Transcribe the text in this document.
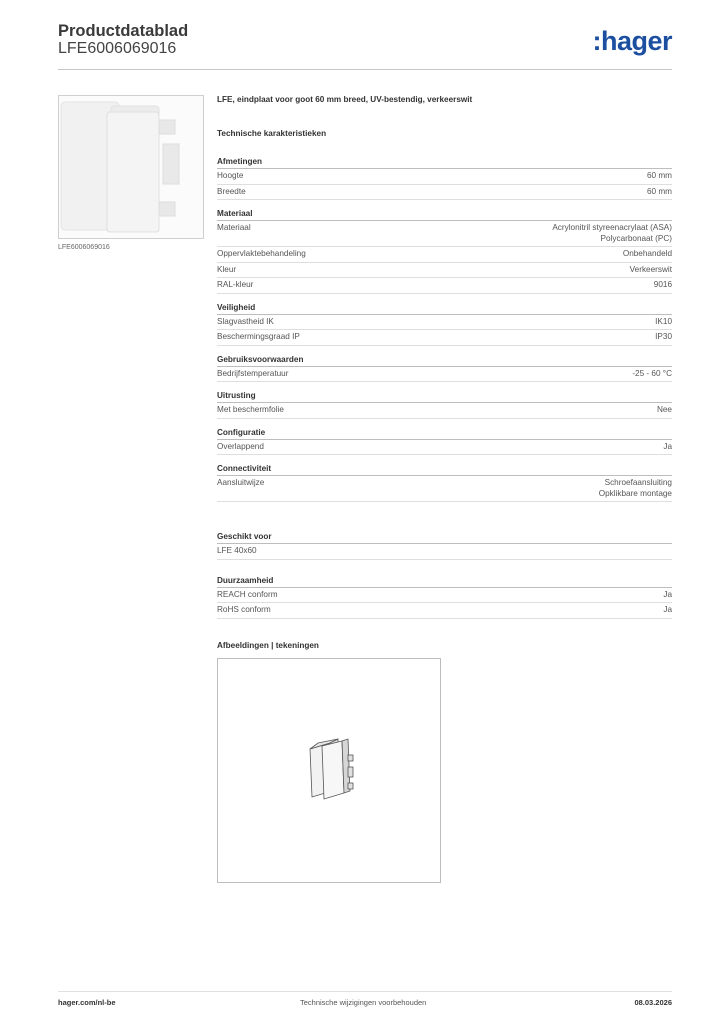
Productdatablad
LFE6006069016	:hager
LFE6006069016
LFE, eindplaat voor goot 60 mm breed, UV-bestendig, verkeerswit
Technische karakteristieken
Afmetingen
Hoogte	60 mm
Breedte	60 mm
Materiaal
Materiaal	Acrylonitril styreenacrylaat (ASA)
Polycarbonaat (PC)
Oppervlaktebehandeling	Onbehandeld
Kleur	Verkeerswit
RAL-kleur	9016
Veiligheid
Slagvastheid IK	IK10
Beschermingsgraad IP	IP30
Gebruiksvoorwaarden
Bedrijfstemperatuur	-25 - 60 °C
Uitrusting
Met beschermfolie	Nee
Configuratie
Overlappend	Ja
Connectiviteit
Aansluitwijze	Schroefaansluiting
Opklikbare montage
Geschikt voor
LFE 40x60
Duurzaamheid
REACH conform	Ja
RoHS conform	Ja
Afbeeldingen | tekeningen
hager.com/nl-be	Technische wijzigingen voorbehouden	08.03.2026
